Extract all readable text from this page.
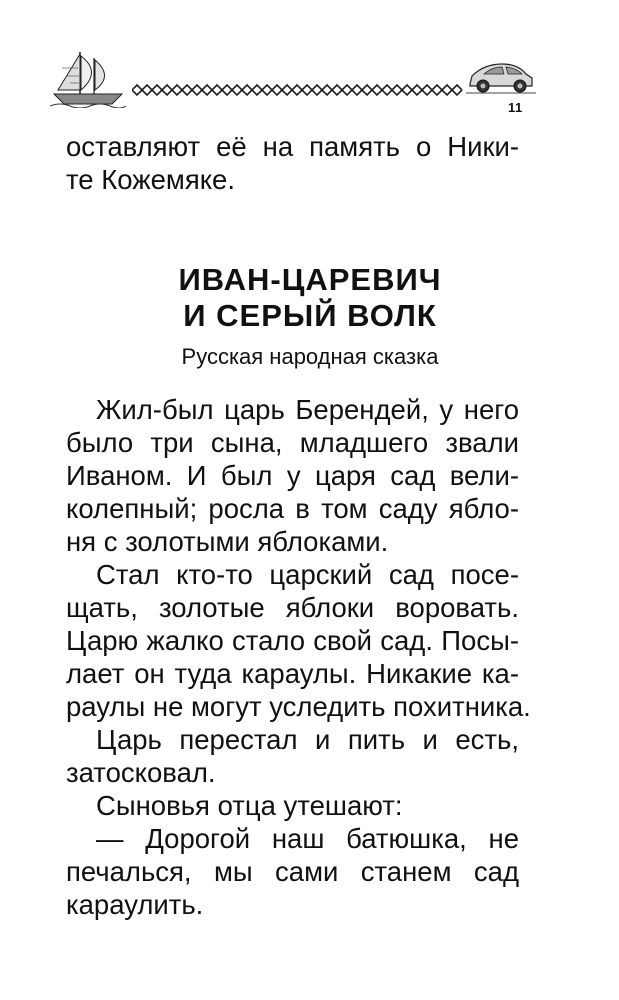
11
оставляют её на память о Ники-
те Кожемяке.
ИВАН-ЦАРЕВИЧ
И СЕРЫЙ ВОЛК
Русская народная сказка
Жил-был царь Берендей, у него
было три сына, младшего звали
Иваном. И был у царя сад вели-
колепный; росла в том саду ябло-
ня с золотыми яблоками.
Стал кто-то царский сад посе-
щать, золотые яблоки воровать.
Царю жалко стало свой сад. Посы-
лает он туда караулы. Никакие ка-
раулы не могут уследить похитника.
Царь перестал и пить и есть,
затосковал.
Сыновья отца утешают:
— Дорогой наш батюшка, не
печалься, мы сами станем сад
караулить.
